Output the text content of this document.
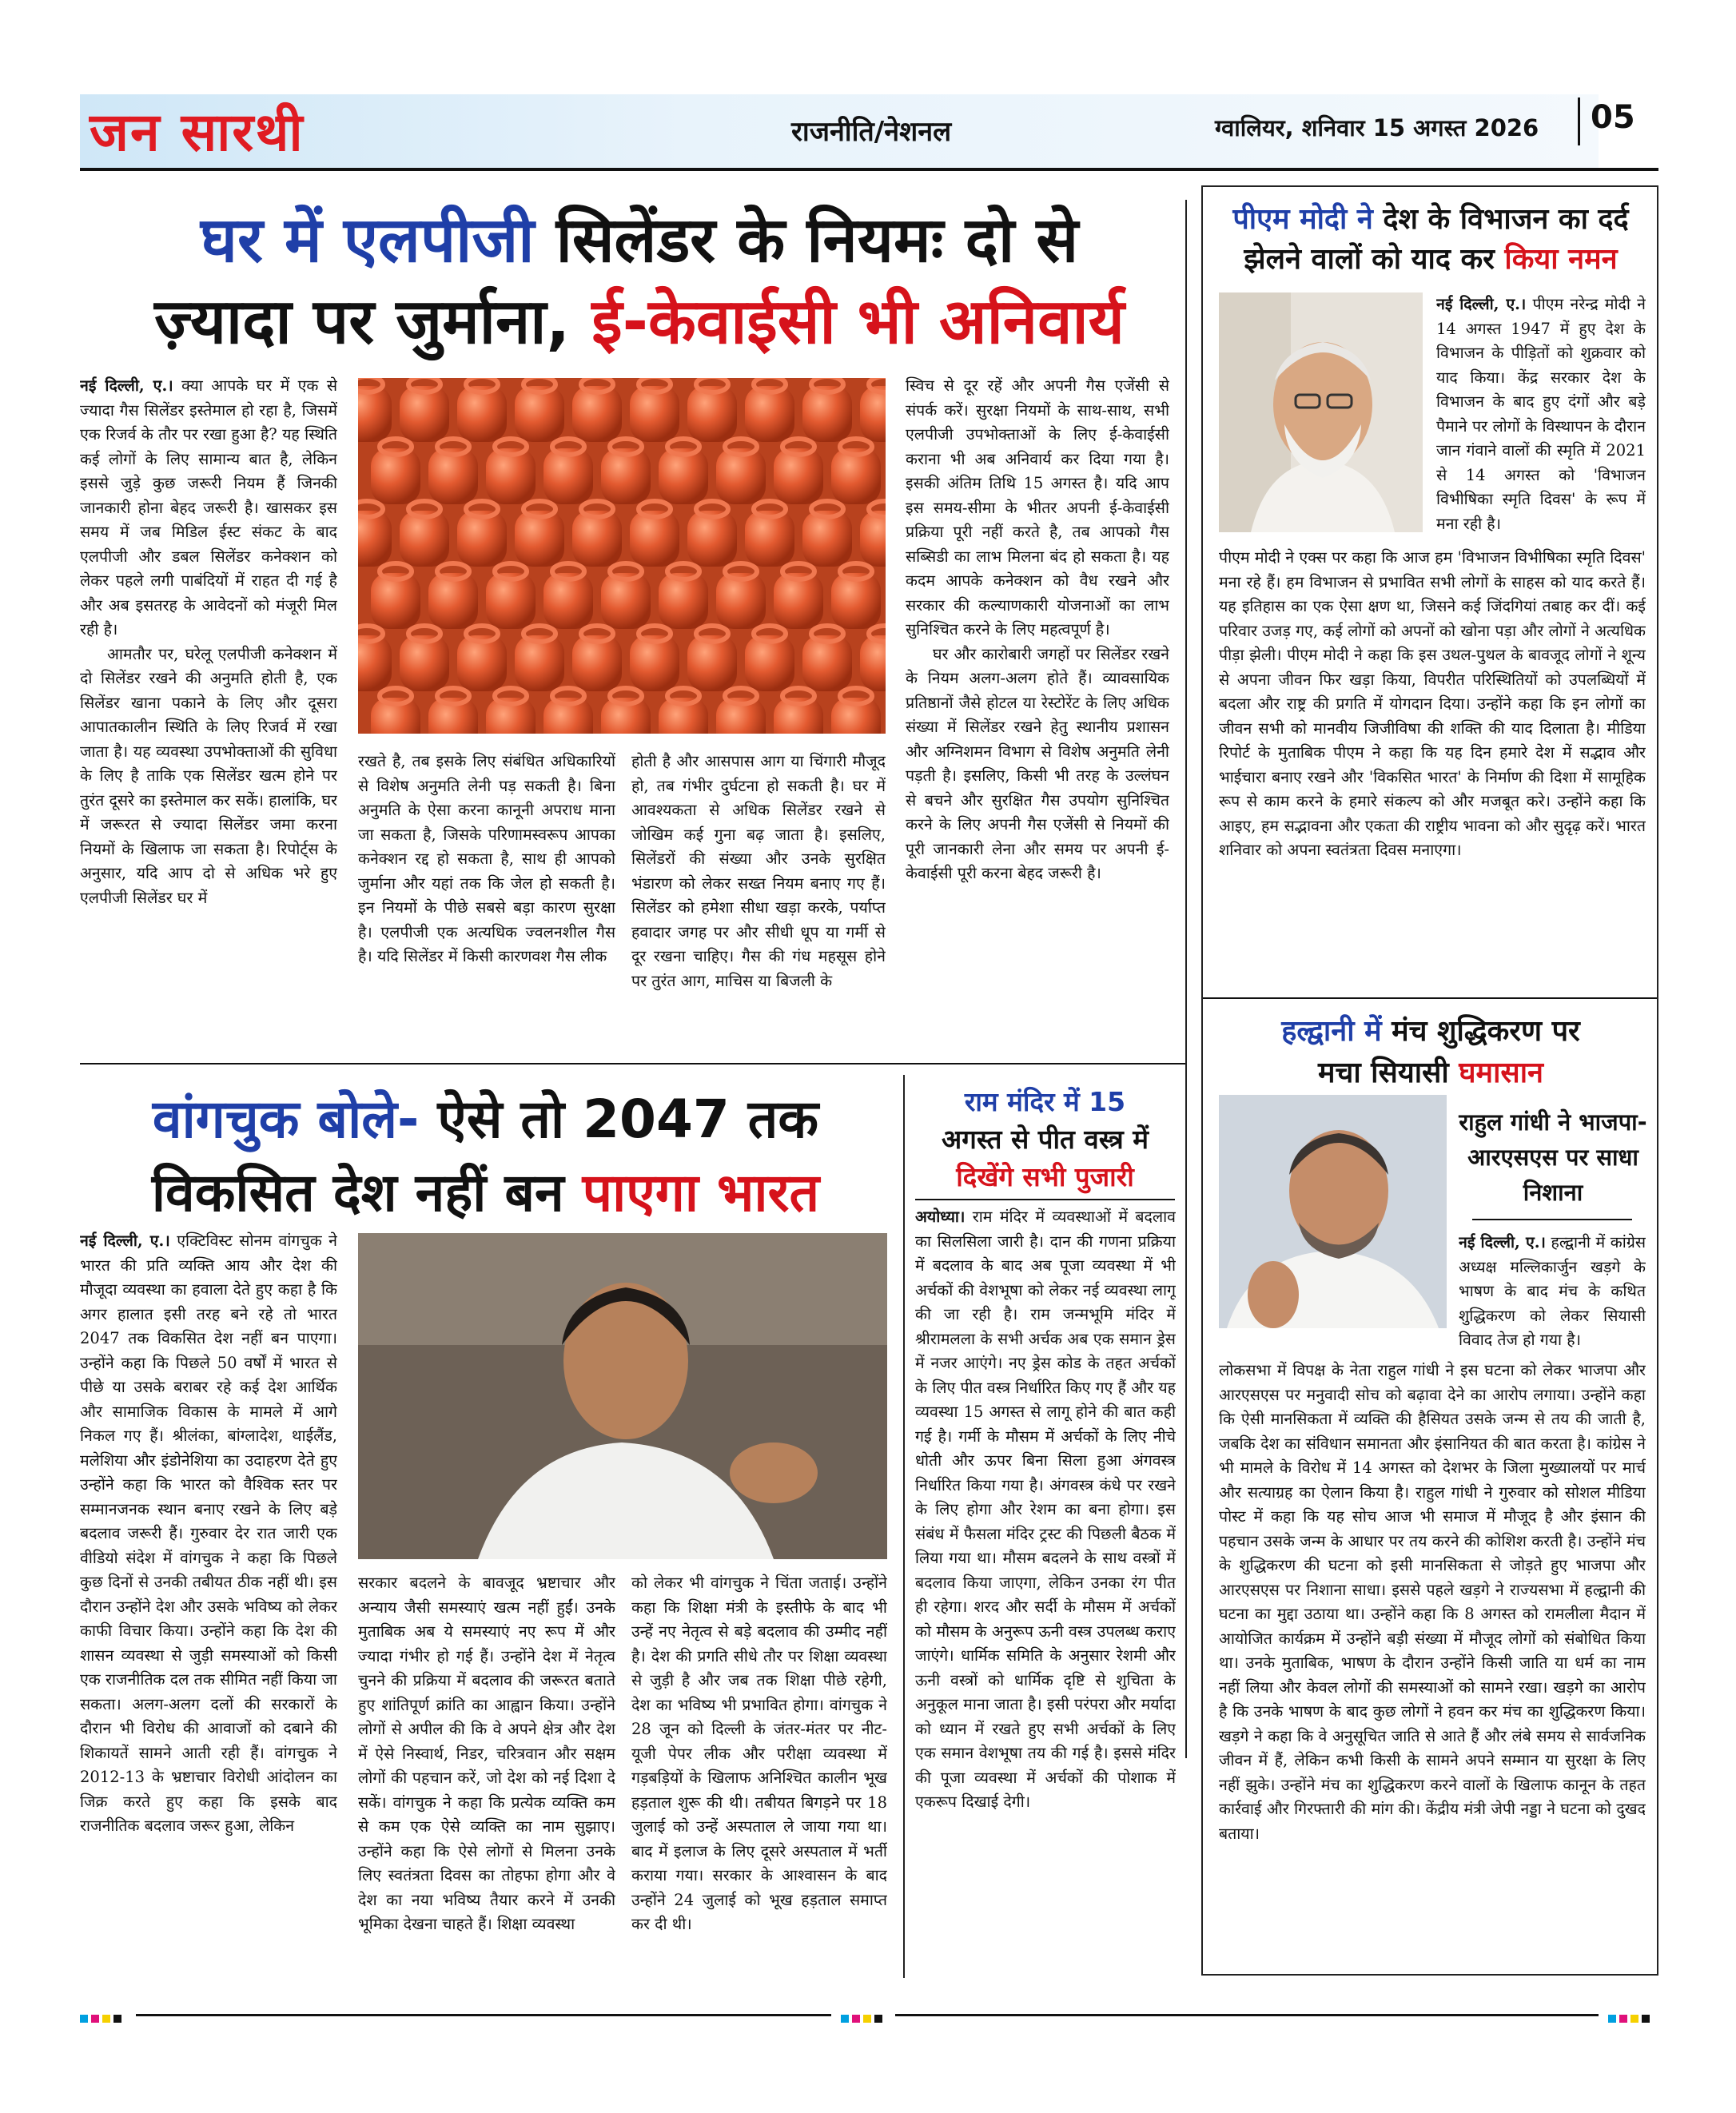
जन सारथी	राजनीति/नेशनल	ग्वालियर, शनिवार 15 अगस्त 2026 05
घर में एलपीजी सिलेंडर के नियमः दो से
ज़्यादा पर जुर्माना, ई-केवाईसी भी अनिवार्य

नई दिल्ली, ए.। क्या आपके घर में एक से ज्यादा गैस सिलेंडर इस्तेमाल हो रहा है, जिसमें एक रिजर्व के तौर पर रखा हुआ है? यह स्थिति कई लोगों के लिए सामान्य बात है, लेकिन इससे जुड़े कुछ जरूरी नियम हैं जिनकी जानकारी होना बेहद जरूरी है। खासकर इस समय में जब मिडिल ईस्ट संकट के बाद एलपीजी और डबल सिलेंडर कनेक्शन को लेकर पहले लगी पाबंदियों में राहत दी गई है और अब इसतरह के आवेदनों को मंजूरी मिल रही है।

आमतौर पर, घरेलू एलपीजी कनेक्शन में दो सिलेंडर रखने की अनुमति होती है, एक सिलेंडर खाना पकाने के लिए और दूसरा आपातकालीन स्थिति के लिए रिजर्व में रखा जाता है। यह व्यवस्था उपभोक्ताओं की सुविधा के लिए है ताकि एक सिलेंडर खत्म होने पर तुरंत दूसरे का इस्तेमाल कर सकें। हालांकि, घर में जरूरत से ज्यादा सिलेंडर जमा करना नियमों के खिलाफ जा सकता है। रिपोर्ट्स के अनुसार, यदि आप दो से अधिक भरे हुए एलपीजी सिलेंडर घर में

रखते है, तब इसके लिए संबंधित अधिकारियों से विशेष अनुमति लेनी पड़ सकती है। बिना अनुमति के ऐसा करना कानूनी अपराध माना जा सकता है, जिसके परिणामस्वरूप आपका कनेक्शन रद्द हो सकता है, साथ ही आपको जुर्माना और यहां तक कि जेल हो सकती है। इन नियमों के पीछे सबसे बड़ा कारण सुरक्षा है। एलपीजी एक अत्यधिक ज्वलनशील गैस है। यदि सिलेंडर में किसी कारणवश गैस लीक

होती है और आसपास आग या चिंगारी मौजूद हो, तब गंभीर दुर्घटना हो सकती है। घर में आवश्यकता से अधिक सिलेंडर रखने से जोखिम कई गुना बढ़ जाता है। इसलिए, सिलेंडरों की संख्या और उनके सुरक्षित भंडारण को लेकर सख्त नियम बनाए गए हैं। सिलेंडर को हमेशा सीधा खड़ा करके, पर्याप्त हवादार जगह पर और सीधी धूप या गर्मी से दूर रखना चाहिए। गैस की गंध महसूस होने पर तुरंत आग, माचिस या बिजली के

स्विच से दूर रहें और अपनी गैस एजेंसी से संपर्क करें। सुरक्षा नियमों के साथ-साथ, सभी एलपीजी उपभोक्ताओं के लिए ई-केवाईसी कराना भी अब अनिवार्य कर दिया गया है। इसकी अंतिम तिथि 15 अगस्त है। यदि आप इस समय-सीमा के भीतर अपनी ई-केवाईसी प्रक्रिया पूरी नहीं करते है, तब आपको गैस सब्सिडी का लाभ मिलना बंद हो सकता है। यह कदम आपके कनेक्शन को वैध रखने और सरकार की कल्याणकारी योजनाओं का लाभ सुनिश्चित करने के लिए महत्वपूर्ण है।

घर और कारोबारी जगहों पर सिलेंडर रखने के नियम अलग-अलग होते हैं। व्यावसायिक प्रतिष्ठानों जैसे होटल या रेस्टोरेंट के लिए अधिक संख्या में सिलेंडर रखने हेतु स्थानीय प्रशासन और अग्निशमन विभाग से विशेष अनुमति लेनी पड़ती है। इसलिए, किसी भी तरह के उल्लंघन से बचने और सुरक्षित गैस उपयोग सुनिश्चित करने के लिए अपनी गैस एजेंसी से नियमों की पूरी जानकारी लेना और समय पर अपनी ई-केवाईसी पूरी करना बेहद जरूरी है।

पीएम मोदी ने देश के विभाजन का दर्द
झेलने वालों को याद कर किया नमन

नई दिल्ली, ए.। पीएम नरेन्द्र मोदी ने 14 अगस्त 1947 में हुए देश के विभाजन के पीड़ितों को शुक्रवार को याद किया। केंद्र सरकार देश के विभाजन के बाद हुए दंगों और बड़े पैमाने पर लोगों के विस्थापन के दौरान जान गंवाने वालों की स्मृति में 2021 से 14 अगस्त को 'विभाजन विभीषिका स्मृति दिवस' के रूप में मना रही है।

पीएम मोदी ने एक्स पर कहा कि आज हम 'विभाजन विभीषिका स्मृति दिवस' मना रहे हैं। हम विभाजन से प्रभावित सभी लोगों के साहस को याद करते हैं। यह इतिहास का एक ऐसा क्षण था, जिसने कई जिंदगियां तबाह कर दीं। कई परिवार उजड़ गए, कई लोगों को अपनों को खोना पड़ा और लोगों ने अत्यधिक पीड़ा झेली। पीएम मोदी ने कहा कि इस उथल-पुथल के बावजूद लोगों ने शून्य से अपना जीवन फिर खड़ा किया, विपरीत परिस्थितियों को उपलब्धियों में बदला और राष्ट्र की प्रगति में योगदान दिया। उन्होंने कहा कि इन लोगों का जीवन सभी को मानवीय जिजीविषा की शक्ति की याद दिलाता है। मीडिया रिपोर्ट के मुताबिक पीएम ने कहा कि यह दिन हमारे देश में सद्भाव और भाईचारा बनाए रखने और 'विकसित भारत' के निर्माण की दिशा में सामूहिक रूप से काम करने के हमारे संकल्प को और मजबूत करे। उन्होंने कहा कि आइए, हम सद्भावना और एकता की राष्ट्रीय भावना को और सुदृढ़ करें। भारत शनिवार को अपना स्वतंत्रता दिवस मनाएगा।

हल्द्वानी में मंच शुद्धिकरण पर
मचा सियासी घमासान
राहुल गांधी ने भाजपा-आरएसएस पर साधा निशाना

नई दिल्ली, ए.। हल्द्वानी में कांग्रेस अध्यक्ष मल्लिकार्जुन खड़गे के भाषण के बाद मंच के कथित शुद्धिकरण को लेकर सियासी विवाद तेज हो गया है।

लोकसभा में विपक्ष के नेता राहुल गांधी ने इस घटना को लेकर भाजपा और आरएसएस पर मनुवादी सोच को बढ़ावा देने का आरोप लगाया। उन्होंने कहा कि ऐसी मानसिकता में व्यक्ति की हैसियत उसके जन्म से तय की जाती है, जबकि देश का संविधान समानता और इंसानियत की बात करता है। कांग्रेस ने भी मामले के विरोध में 14 अगस्त को देशभर के जिला मुख्यालयों पर मार्च और सत्याग्रह का ऐलान किया है। राहुल गांधी ने गुरुवार को सोशल मीडिया पोस्ट में कहा कि यह सोच आज भी समाज में मौजूद है और इंसान की पहचान उसके जन्म के आधार पर तय करने की कोशिश करती है। उन्होंने मंच के शुद्धिकरण की घटना को इसी मानसिकता से जोड़ते हुए भाजपा और आरएसएस पर निशाना साधा। इससे पहले खड़गे ने राज्यसभा में हल्द्वानी की घटना का मुद्दा उठाया था। उन्होंने कहा कि 8 अगस्त को रामलीला मैदान में आयोजित कार्यक्रम में उन्होंने बड़ी संख्या में मौजूद लोगों को संबोधित किया था। उनके मुताबिक, भाषण के दौरान उन्होंने किसी जाति या धर्म का नाम नहीं लिया और केवल लोगों की समस्याओं को सामने रखा। खड़गे का आरोप है कि उनके भाषण के बाद कुछ लोगों ने हवन कर मंच का शुद्धिकरण किया। खड़गे ने कहा कि वे अनुसूचित जाति से आते हैं और लंबे समय से सार्वजनिक जीवन में हैं, लेकिन कभी किसी के सामने अपने सम्मान या सुरक्षा के लिए नहीं झुके। उन्होंने मंच का शुद्धिकरण करने वालों के खिलाफ कानून के तहत कार्रवाई और गिरफ्तारी की मांग की। केंद्रीय मंत्री जेपी नड्डा ने घटना को दुखद बताया।

वांगचुक बोले- ऐसे तो 2047 तक
विकसित देश नहीं बन पाएगा भारत

नई दिल्ली, ए.। एक्टिविस्ट सोनम वांगचुक ने भारत की प्रति व्यक्ति आय और देश की मौजूदा व्यवस्था का हवाला देते हुए कहा है कि अगर हालात इसी तरह बने रहे तो भारत 2047 तक विकसित देश नहीं बन पाएगा। उन्होंने कहा कि पिछले 50 वर्षों में भारत से पीछे या उसके बराबर रहे कई देश आर्थिक और सामाजिक विकास के मामले में आगे निकल गए हैं। श्रीलंका, बांग्लादेश, थाईलैंड, मलेशिया और इंडोनेशिया का उदाहरण देते हुए उन्होंने कहा कि भारत को वैश्विक स्तर पर सम्मानजनक स्थान बनाए रखने के लिए बड़े बदलाव जरूरी हैं। गुरुवार देर रात जारी एक वीडियो संदेश में वांगचुक ने कहा कि पिछले कुछ दिनों से उनकी तबीयत ठीक नहीं थी। इस दौरान उन्होंने देश और उसके भविष्य को लेकर काफी विचार किया। उन्होंने कहा कि देश की शासन व्यवस्था से जुड़ी समस्याओं को किसी एक राजनीतिक दल तक सीमित नहीं किया जा सकता। अलग-अलग दलों की सरकारों के दौरान भी विरोध की आवाजों को दबाने की शिकायतें सामने आती रही हैं। वांगचुक ने 2012-13 के भ्रष्टाचार विरोधी आंदोलन का जिक्र करते हुए कहा कि इसके बाद राजनीतिक बदलाव जरूर हुआ, लेकिन

सरकार बदलने के बावजूद भ्रष्टाचार और अन्याय जैसी समस्याएं खत्म नहीं हुईं। उनके मुताबिक अब ये समस्याएं नए रूप में और ज्यादा गंभीर हो गई हैं। उन्होंने देश में नेतृत्व चुनने की प्रक्रिया में बदलाव की जरूरत बताते हुए शांतिपूर्ण क्रांति का आह्वान किया। उन्होंने लोगों से अपील की कि वे अपने क्षेत्र और देश में ऐसे निस्वार्थ, निडर, चरित्रवान और सक्षम लोगों की पहचान करें, जो देश को नई दिशा दे सकें। वांगचुक ने कहा कि प्रत्येक व्यक्ति कम से कम एक ऐसे व्यक्ति का नाम सुझाए। उन्होंने कहा कि ऐसे लोगों से मिलना उनके लिए स्वतंत्रता दिवस का तोहफा होगा और वे देश का नया भविष्य तैयार करने में उनकी भूमिका देखना चाहते हैं। शिक्षा व्यवस्था

को लेकर भी वांगचुक ने चिंता जताई। उन्होंने कहा कि शिक्षा मंत्री के इस्तीफे के बाद भी उन्हें नए नेतृत्व से बड़े बदलाव की उम्मीद नहीं है। देश की प्रगति सीधे तौर पर शिक्षा व्यवस्था से जुड़ी है और जब तक शिक्षा पीछे रहेगी, देश का भविष्य भी प्रभावित होगा। वांगचुक ने 28 जून को दिल्ली के जंतर-मंतर पर नीट-यूजी पेपर लीक और परीक्षा व्यवस्था में गड़बड़ियों के खिलाफ अनिश्चित कालीन भूख हड़ताल शुरू की थी। तबीयत बिगड़ने पर 18 जुलाई को उन्हें अस्पताल ले जाया गया था। बाद में इलाज के लिए दूसरे अस्पताल में भर्ती कराया गया। सरकार के आश्वासन के बाद उन्होंने 24 जुलाई को भूख हड़ताल समाप्त कर दी थी।

राम मंदिर में 15
अगस्त से पीत वस्त्र में
दिखेंगे सभी पुजारी

अयोध्या। राम मंदिर में व्यवस्थाओं में बदलाव का सिलसिला जारी है। दान की गणना प्रक्रिया में बदलाव के बाद अब पूजा व्यवस्था में भी अर्चकों की वेशभूषा को लेकर नई व्यवस्था लागू की जा रही है। राम जन्मभूमि मंदिर में श्रीरामलला के सभी अर्चक अब एक समान ड्रेस में नजर आएंगे। नए ड्रेस कोड के तहत अर्चकों के लिए पीत वस्त्र निर्धारित किए गए हैं और यह व्यवस्था 15 अगस्त से लागू होने की बात कही गई है। गर्मी के मौसम में अर्चकों के लिए नीचे धोती और ऊपर बिना सिला हुआ अंगवस्त्र निर्धारित किया गया है। अंगवस्त्र कंधे पर रखने के लिए होगा और रेशम का बना होगा। इस संबंध में फैसला मंदिर ट्रस्ट की पिछली बैठक में लिया गया था। मौसम बदलने के साथ वस्त्रों में बदलाव किया जाएगा, लेकिन उनका रंग पीत ही रहेगा। शरद और सर्दी के मौसम में अर्चकों को मौसम के अनुरूप ऊनी वस्त्र उपलब्ध कराए जाएंगे। धार्मिक समिति के अनुसार रेशमी और ऊनी वस्त्रों को धार्मिक दृष्टि से शुचिता के अनुकूल माना जाता है। इसी परंपरा और मर्यादा को ध्यान में रखते हुए सभी अर्चकों के लिए एक समान वेशभूषा तय की गई है। इससे मंदिर की पूजा व्यवस्था में अर्चकों की पोशाक में एकरूप दिखाई देगी।
